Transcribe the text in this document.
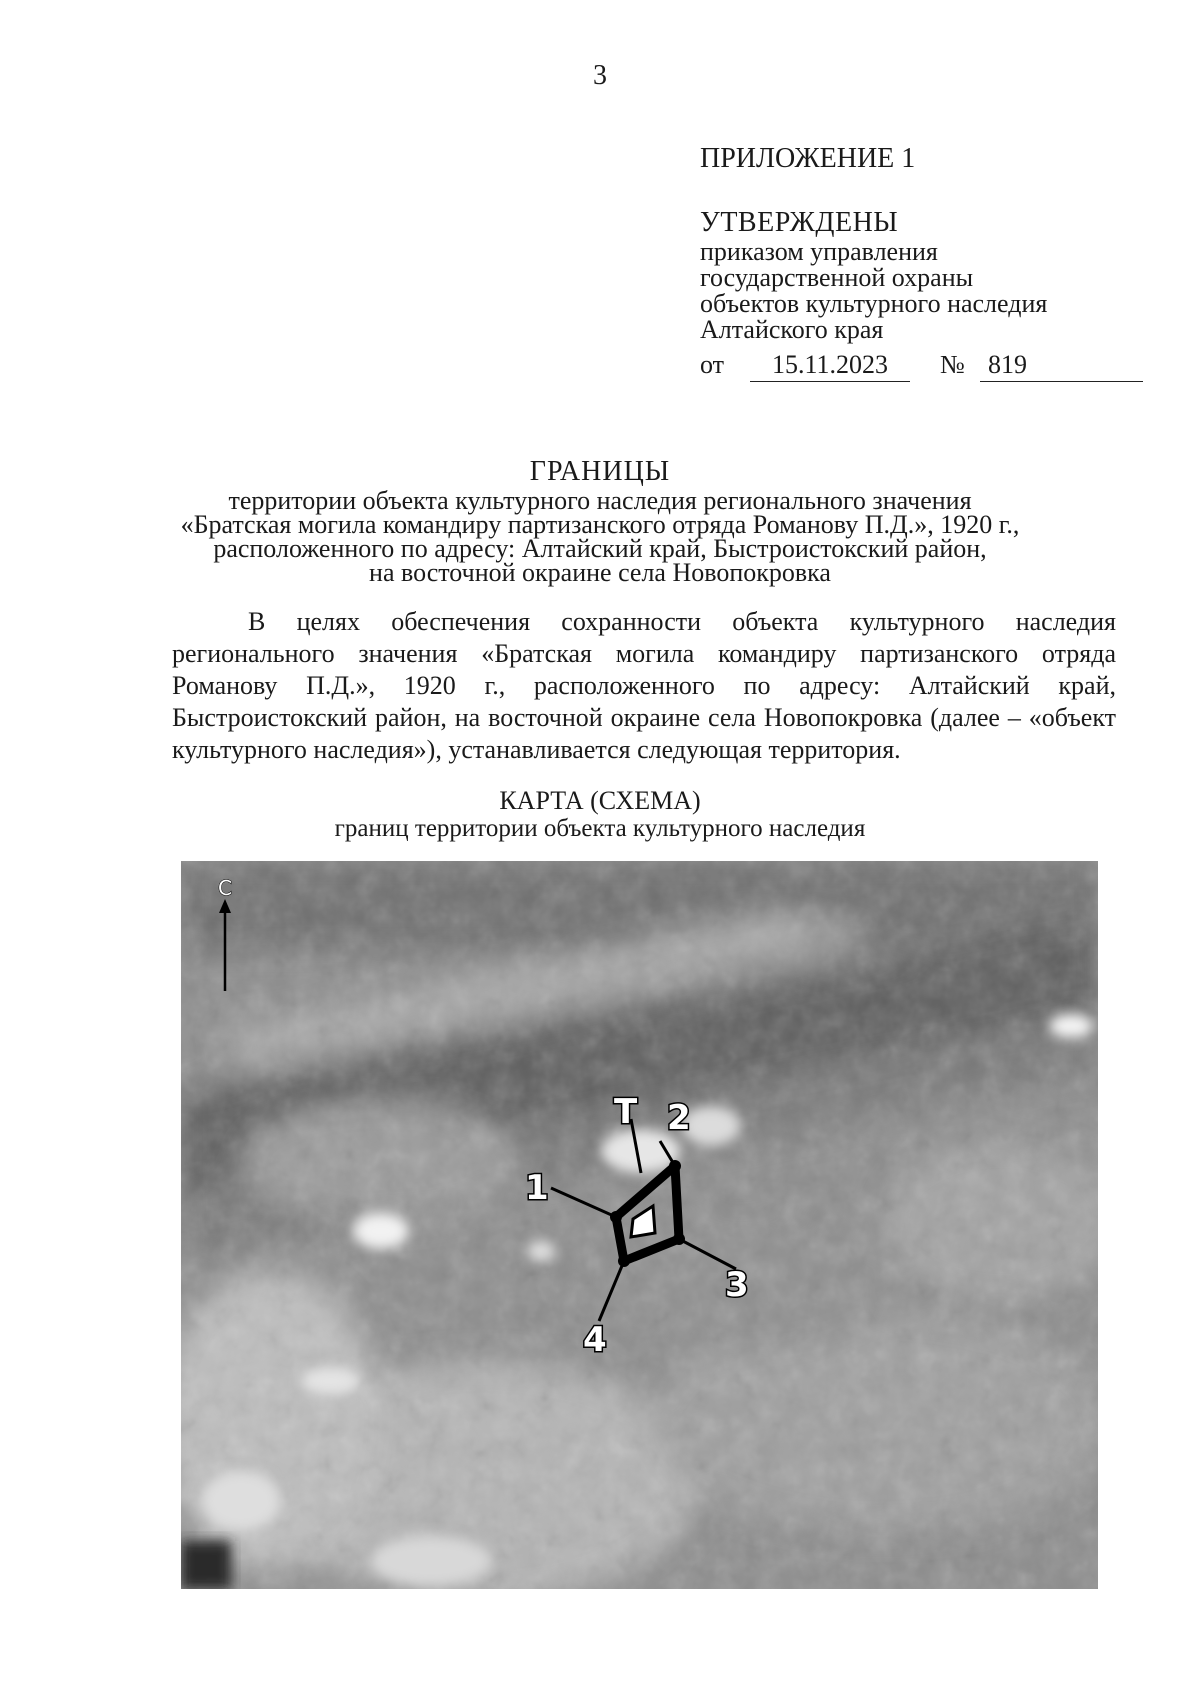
3
ПРИЛОЖЕНИЕ 1
УТВЕРЖДЕНЫ
приказом управления
государственной охраны
объектов культурного наследия
Алтайского края
от	15.11.2023	№ 819
ГРАНИЦЫ
территории объекта культурного наследия регионального значения
«Братская могила командиру партизанского отряда Романову П.Д.», 1920 г.,
расположенного по адресу: Алтайский край, Быстроистокский район,
на восточной окраине села Новопокровка
В целях обеспечения сохранности объекта культурного наследия регионального значения «Братская могила командиру партизанского отряда Романову П.Д.», 1920 г., расположенного по адресу: Алтайский край, Быстроистокский район, на восточной окраине села Новопокровка (далее – «объект культурного наследия»), устанавливается следующая территория.
КАРТА (СХЕМА)
границ территории объекта культурного наследия
С
Т 2
1
3
4
